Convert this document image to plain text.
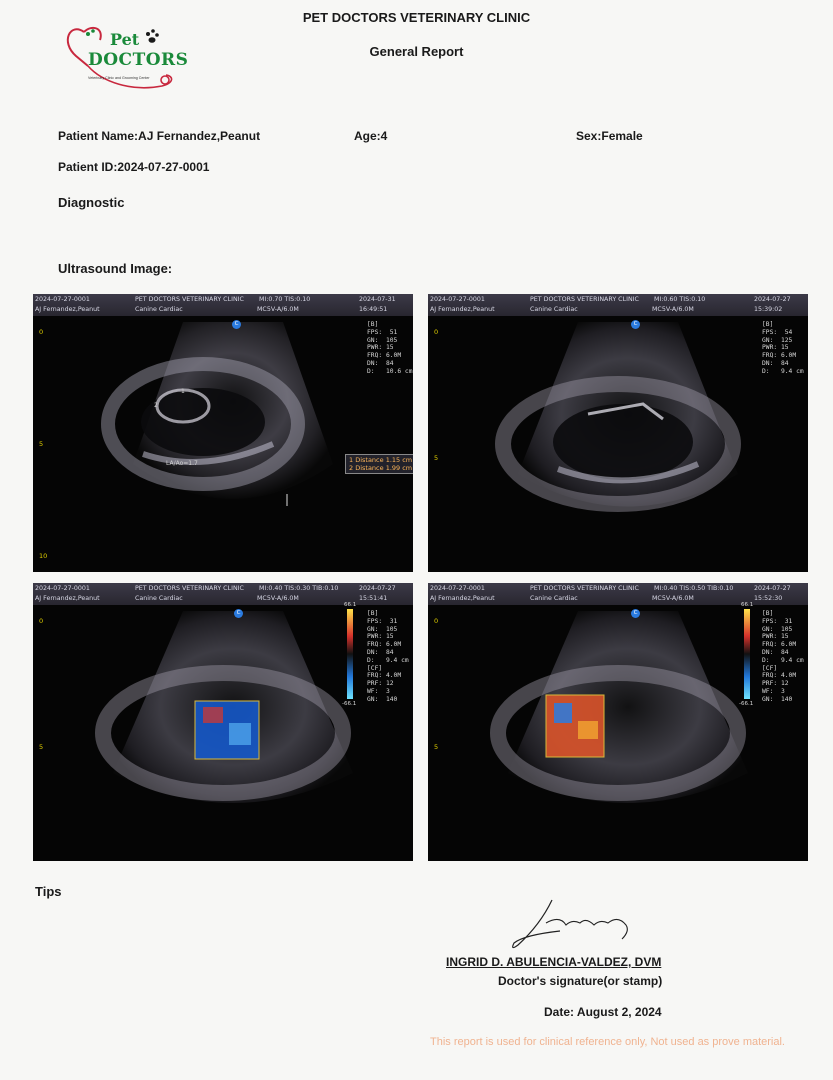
Pet
DOCTORS
Veterinary Clinic and Grooming Center
PET DOCTORS VETERINARY CLINIC
General Report
Patient Name:AJ Fernandez,Peanut	Age:4	Sex:Female
Patient ID:2024-07-27-0001
Diagnostic
Ultrasound Image:
2024-07-27-0001
AJ Fernandez,Peanut
PET DOCTORS VETERINARY CLINIC MI:0.70 TIS:0.10
Canine Cardiac	MC5V-A/6.0M
2024-07-31
16:49:51
C	[B]
FPS:  51
GN:  105
PWR: 15
FRQ: 6.0M
DN:  84
D:   10.6 cm
0
5
10
1 Distance 1.15 cm
2 Distance 1.99 cm
LA/Ao=1.7
1
2
2024-07-27-0001
AJ Fernandez,Peanut
PET DOCTORS VETERINARY CLINIC MI:0.60 TIS:0.10
Canine Cardiac	MC5V-A/6.0M
2024-07-27
15:39:02
C	[B]
FPS:  54
GN:  125
PWR: 15
FRQ: 6.0M
DN:  84
D:   9.4 cm
0
5
2024-07-27-0001
AJ Fernandez,Peanut
PET DOCTORS VETERINARY CLINIC MI:0.40 TIS:0.30 TIB:0.10
Canine Cardiac	MC5V-A/6.0M
2024-07-27
15:51:41
C
66.1
-66.1
[B]
FPS:  31
GN:  105
PWR: 15
FRQ: 6.0M
DN:  84
D:   9.4 cm
[CF]
FRQ: 4.0M
PRF: 12
WF:  3
GN:  140
0
5
2024-07-27-0001
AJ Fernandez,Peanut
PET DOCTORS VETERINARY CLINIC MI:0.40 TIS:0.50 TIB:0.10
Canine Cardiac	MC5V-A/6.0M
2024-07-27
15:52:30
C
66.1
-66.1
[B]
FPS:  31
GN:  105
PWR: 15
FRQ: 6.0M
DN:  84
D:   9.4 cm
[CF]
FRQ: 4.0M
PRF: 12
WF:  3
GN:  140
0
5
Tips
INGRID D. ABULENCIA-VALDEZ, DVM
Doctor's signature(or stamp)
Date: August 2, 2024
This report is used for clinical reference only, Not used as prove material.
